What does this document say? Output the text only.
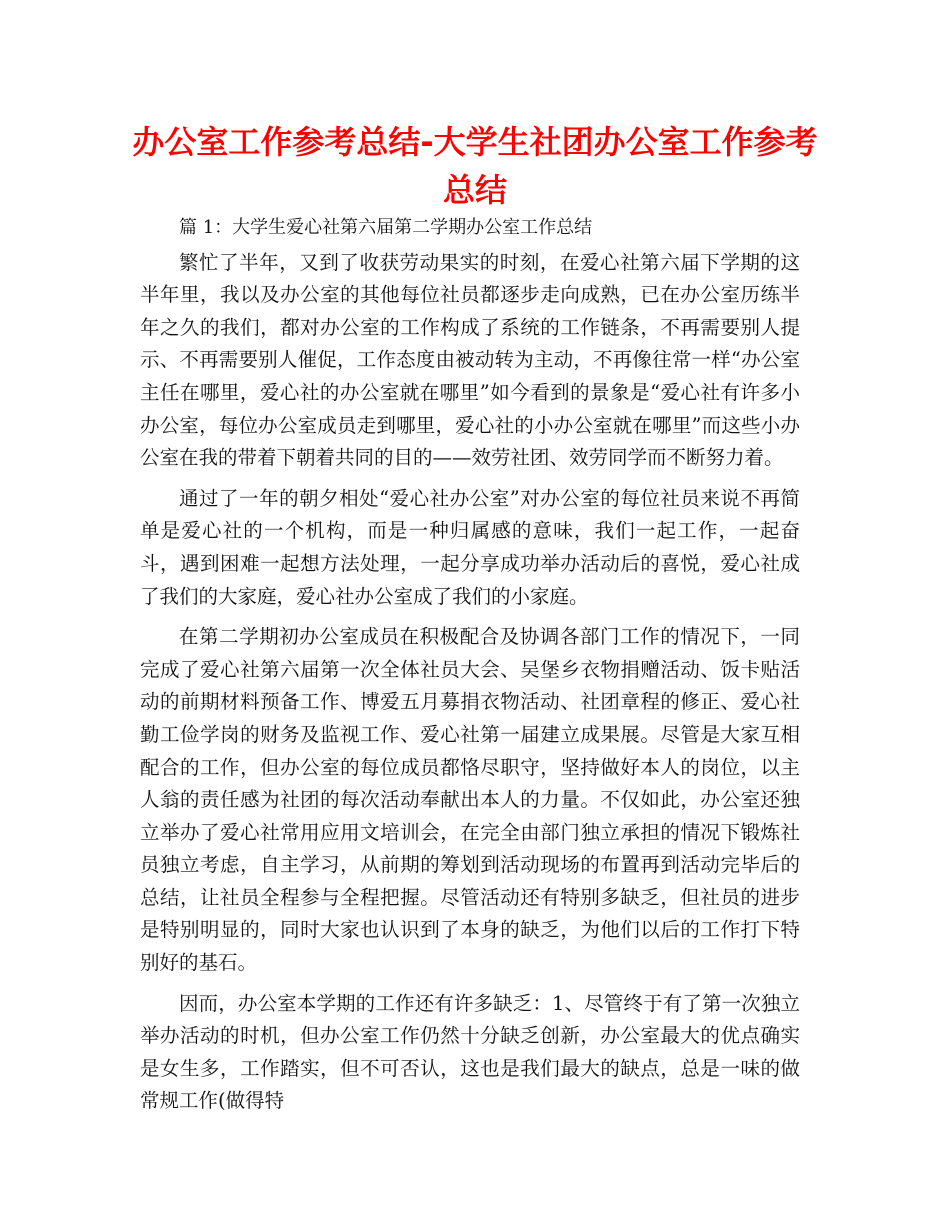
办公室工作参考总结-大学生社团办公室工作参考总结

篇 1：大学生爱心社第六届第二学期办公室工作总结

繁忙了半年，又到了收获劳动果实的时刻，在爱心社第六届下学期的这半年里，我以及办公室的其他每位社员都逐步走向成熟，已在办公室历练半年之久的我们，都对办公室的工作构成了系统的工作链条，不再需要别人提示、不再需要别人催促，工作态度由被动转为主动，不再像往常一样“办公室主任在哪里，爱心社的办公室就在哪里”如今看到的景象是“爱心社有许多小办公室，每位办公室成员走到哪里，爱心社的小办公室就在哪里”而这些小办公室在我的带着下朝着共同的目的——效劳社团、效劳同学而不断努力着。

通过了一年的朝夕相处“爱心社办公室”对办公室的每位社员来说不再简单是爱心社的一个机构，而是一种归属感的意味，我们一起工作，一起奋斗，遇到困难一起想方法处理，一起分享成功举办活动后的喜悦，爱心社成了我们的大家庭，爱心社办公室成了我们的小家庭。

在第二学期初办公室成员在积极配合及协调各部门工作的情况下，一同完成了爱心社第六届第一次全体社员大会、吴堡乡衣物捐赠活动、饭卡贴活动的前期材料预备工作、博爱五月募捐衣物活动、社团章程的修正、爱心社勤工俭学岗的财务及监视工作、爱心社第一届建立成果展。尽管是大家互相配合的工作，但办公室的每位成员都恪尽职守，坚持做好本人的岗位，以主人翁的责任感为社团的每次活动奉献出本人的力量。不仅如此，办公室还独立举办了爱心社常用应用文培训会，在完全由部门独立承担的情况下锻炼社员独立考虑，自主学习，从前期的筹划到活动现场的布置再到活动完毕后的总结，让社员全程参与全程把握。尽管活动还有特别多缺乏，但社员的进步是特别明显的，同时大家也认识到了本身的缺乏，为他们以后的工作打下特别好的基石。

因而，办公室本学期的工作还有许多缺乏：1、尽管终于有了第一次独立举办活动的时机，但办公室工作仍然十分缺乏创新，办公室最大的优点确实是女生多，工作踏实，但不可否认，这也是我们最大的缺点，总是一味的做常规工作(做得特
